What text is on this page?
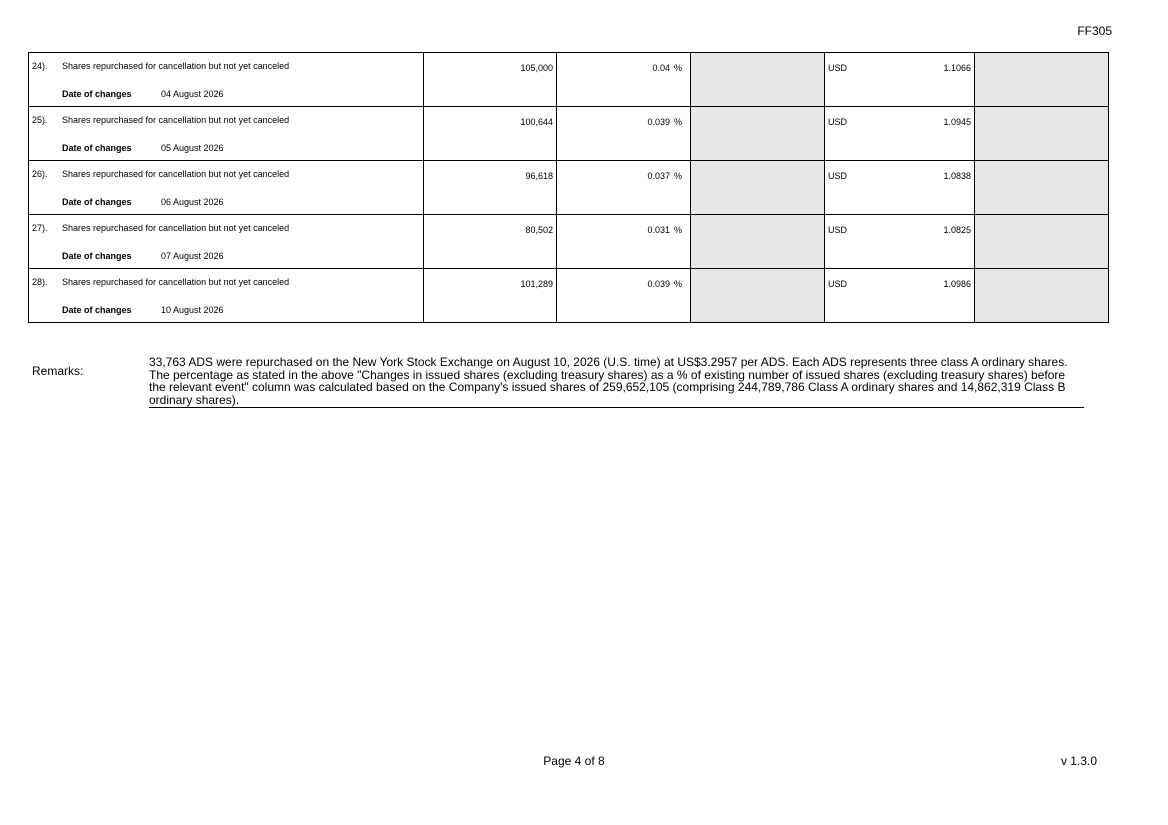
FF305
24). Shares repurchased for cancellation but not yet canceled
Date of changes 04 August 2026	105,000	0.04 %		USD 1.1066	

25). Shares repurchased for cancellation but not yet canceled
Date of changes 05 August 2026	100,644	0.039 %		USD 1.0945	

26). Shares repurchased for cancellation but not yet canceled
Date of changes 06 August 2026	96,618	0.037 %		USD 1.0838	

27). Shares repurchased for cancellation but not yet canceled
Date of changes 07 August 2026	80,502	0.031 %		USD 1.0825	

28). Shares repurchased for cancellation but not yet canceled
Date of changes 10 August 2026	101,289	0.039 %		USD 1.0986	

Remarks:

33,763 ADS were repurchased on the New York Stock Exchange on August 10, 2026 (U.S. time) at US$3.2957 per ADS. Each ADS represents three class A ordinary shares.

The percentage as stated in the above "Changes in issued shares (excluding treasury shares) as a % of existing number of issued shares (excluding treasury shares) before the relevant event" column was calculated based on the Company's issued shares of 259,652,105 (comprising 244,789,786 Class A ordinary shares and 14,862,319 Class B ordinary shares).

Page 4 of 8	v 1.3.0
